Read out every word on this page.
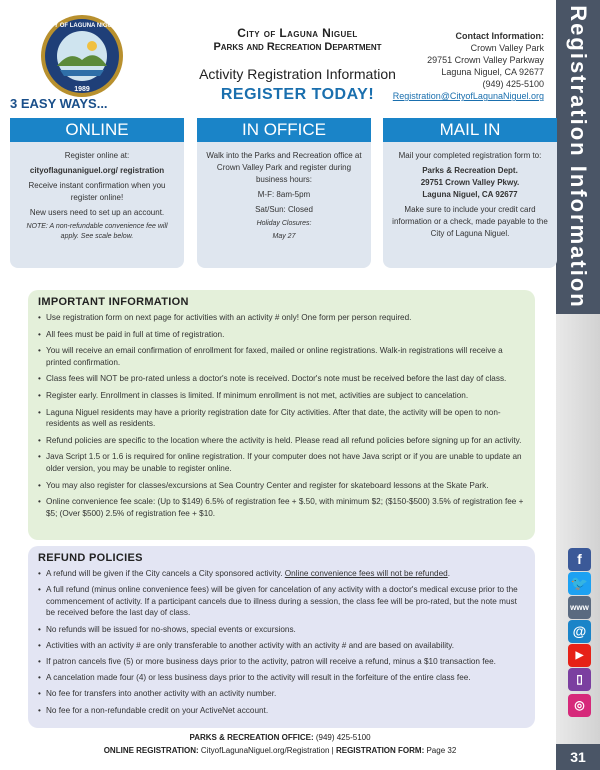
CITY OF LAGUNA NIGUEL
1989
City of Laguna Niguel
Parks and Recreation Department
Activity Registration Information
REGISTER TODAY!
Contact Information:
Crown Valley Park
29751 Crown Valley Parkway
Laguna Niguel, CA 92677
(949) 425-5100
Registration@CityofLagunaNiguel.org
3 EASY WAYS...	Registration Information
ONLINE

Register online at:

cityoflagunaniguel.org/ registration

Receive instant confirmation when you register online!

New users need to set up an account.

NOTE: A non-refundable convenience fee will apply. See scale below.

IN OFFICE

Walk into the Parks and Recreation office at Crown Valley Park and register during business hours:

M-F: 8am-5pm

Sat/Sun: Closed

Holiday Closures:

May 27

MAIL IN

Mail your completed registration form to:

Parks & Recreation Dept.

29751 Crown Valley Pkwy.

Laguna Niguel, CA 92677

Make sure to include your credit card information or a check, made payable to the City of Laguna Niguel.

IMPORTANT INFORMATION
• Use registration form on next page for activities with an activity # only! One form per person required.
• All fees must be paid in full at time of registration.
• You will receive an email confirmation of enrollment for faxed, mailed or online registrations. Walk-in registrations will receive a printed confirmation.
• Class fees will NOT be pro-rated unless a doctor's note is received. Doctor's note must be received before the last day of class.
• Register early. Enrollment in classes is limited. If minimum enrollment is not met, activities are subject to cancelation.
• Laguna Niguel residents may have a priority registration date for City activities. After that date, the activity will be open to non-residents as well as residents.
• Refund policies are specific to the location where the activity is held. Please read all refund policies before signing up for an activity.
• Java Script 1.5 or 1.6 is required for online registration. If your computer does not have Java script or if you are unable to update an older version, you may be unable to register online.
• You may also register for classes/excursions at Sea Country Center and register for skateboard lessons at the Skate Park.
• Online convenience fee scale: (Up to $149) 6.5% of registration fee + $.50, with minimum $2; ($150-$500) 3.5% of registration fee + $5; (Over $500) 2.5% of registration fee + $10.
REFUND POLICIES
• A refund will be given if the City cancels a City sponsored activity. Online convenience fees will not be refunded.
• A full refund (minus online convenience fees) will be given for cancelation of any activity with a doctor's medical excuse prior to the commencement of activity. If a participant cancels due to illness during a session, the class fee will be pro-rated, but the note must be received before the last day of class.
• No refunds will be issued for no-shows, special events or excursions.
• Activities with an activity # are only transferable to another activity with an activity # and are based on availability.
• If patron cancels five (5) or more business days prior to the activity, patron will receive a refund, minus a $10 transaction fee.
• A cancelation made four (4) or less business days prior to the activity will result in the forfeiture of the entire class fee.
• No fee for transfers into another activity with an activity number.
• No fee for a non-refundable credit on your ActiveNet account.
f
🐦
www
@
▶
▯
◎
PARKS & RECREATION OFFICE: (949) 425-5100
ONLINE REGISTRATION: CityofLagunaNiguel.org/Registration | REGISTRATION FORM: Page 32	31
